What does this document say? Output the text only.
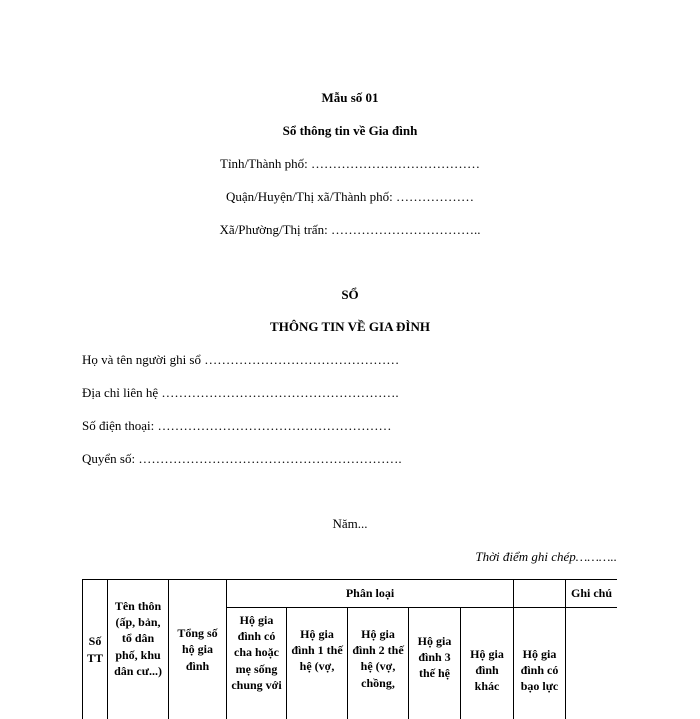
Mẫu số 01
Sổ thông tin về Gia đình
Tỉnh/Thành phố: …………………………………
Quận/Huyện/Thị xã/Thành phố: ………………
Xã/Phường/Thị trấn: ……………………………..
SỔ
THÔNG TIN VỀ GIA ĐÌNH
Họ và tên người ghi sổ ………………………………………
Địa chỉ liên hệ ……………………………………………….
Số điện thoại: ………………………………………………
Quyển số: …………………………………………………….
Năm...
Thời điểm ghi chép………..
Số TT	Tên thôn (ấp, bản, tổ dân phố, khu dân cư...)	Tổng số hộ gia đình	Phân loại						Ghi chú
			Hộ gia đình có cha hoặc mẹ sống chung với	Hộ gia đình 1 thế hệ (vợ,	Hộ gia đình 2 thế hệ (vợ, chồng,	Hộ gia đình 3 thế hệ	Hộ gia đình khác	Hộ gia đình có bạo lực	
